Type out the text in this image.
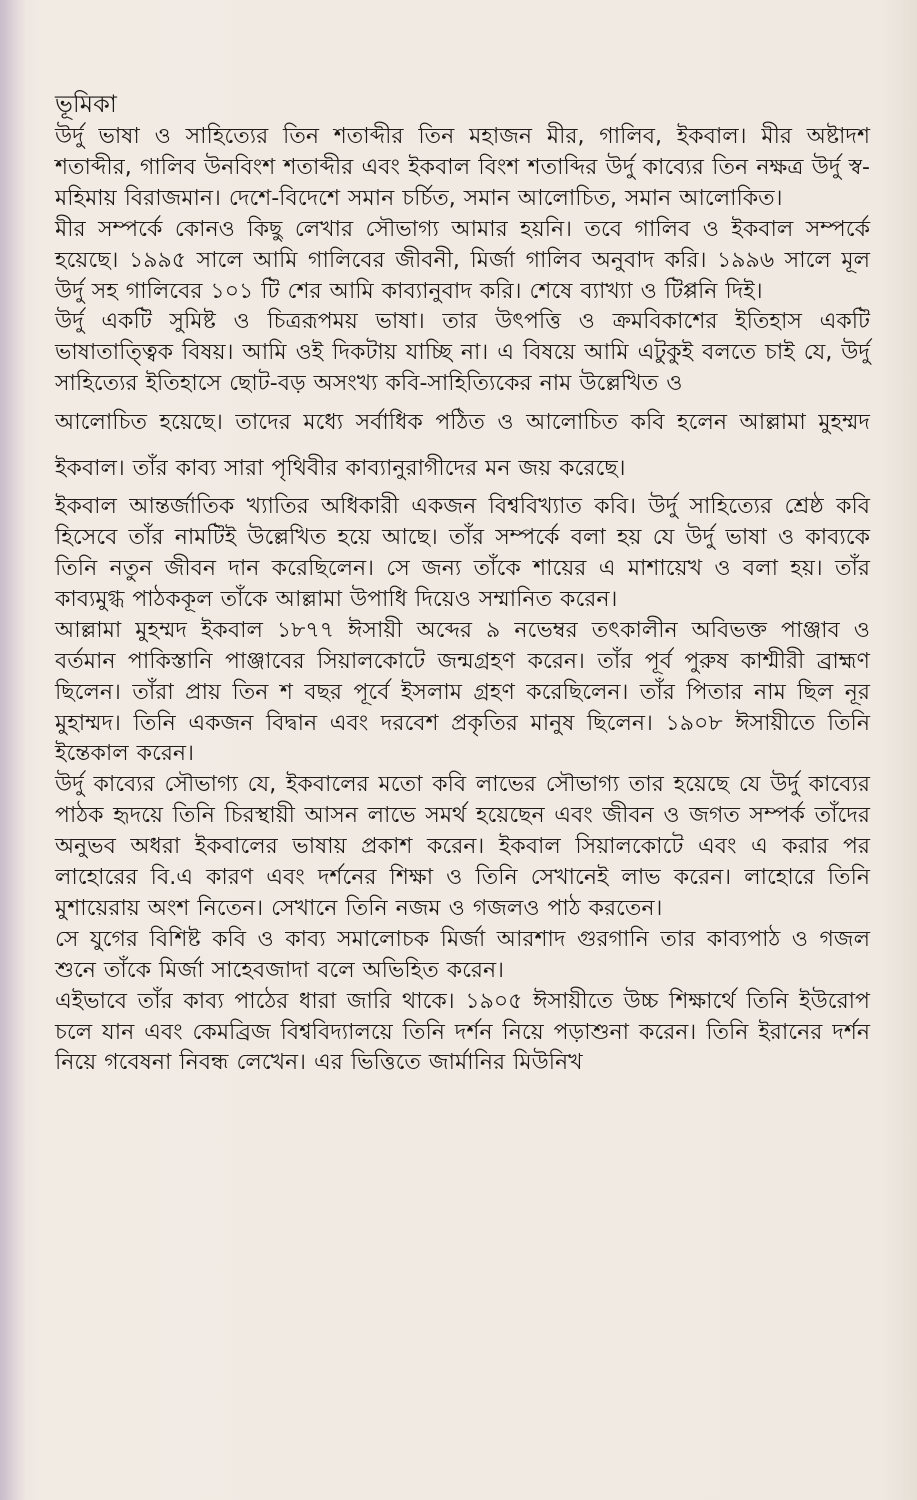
ভূমিকা

উর্দু ভাষা ও সাহিত্যের তিন শতাব্দীর তিন মহাজন মীর, গালিব, ইকবাল। মীর অষ্টাদশ শতাব্দীর, গালিব উনবিংশ শতাব্দীর এবং ইকবাল বিংশ শতাব্দির উর্দু কাব্যের তিন নক্ষত্র উর্দু স্ব-মহিমায় বিরাজমান। দেশে-বিদেশে সমান চর্চিত, সমান আলোচিত, সমান আলোকিত।

মীর সম্পর্কে কোনও কিছু লেখার সৌভাগ্য আমার হয়নি। তবে গালিব ও ইকবাল সম্পর্কে হয়েছে। ১৯৯৫ সালে আমি গালিবের জীবনী, মির্জা গালিব অনুবাদ করি। ১৯৯৬ সালে মূল উর্দু সহ গালিবের ১০১ টি শের আমি কাব্যানুবাদ করি। শেষে ব্যাখ্যা ও টিপ্পনি দিই।

উর্দু একটি সুমিষ্ট ও চিত্ররূপময় ভাষা। তার উৎপত্তি ও ক্রমবিকাশের ইতিহাস একটি ভাষাতাত্ত্বিক বিষয়। আমি ওই দিকটায় যাচ্ছি না। এ বিষয়ে আমি এটুকুই বলতে চাই যে, উর্দু সাহিত্যের ইতিহাসে ছোট-বড় অসংখ্য কবি-সাহিত্যিকের নাম উল্লেখিত ও

আলোচিত হয়েছে। তাদের মধ্যে সর্বাধিক পঠিত ও আলোচিত কবি হলেন আল্লামা মুহম্মদ ইকবাল। তাঁর কাব্য সারা পৃথিবীর কাব্যানুরাগীদের মন জয় করেছে।

ইকবাল আন্তর্জাতিক খ্যাতির অধিকারী একজন বিশ্ববিখ্যাত কবি। উর্দু সাহিত্যের শ্রেষ্ঠ কবি হিসেবে তাঁর নামটিই উল্লেখিত হয়ে আছে। তাঁর সম্পর্কে বলা হয় যে উর্দু ভাষা ও কাব্যকে তিনি নতুন জীবন দান করেছিলেন। সে জন্য তাঁকে শায়ের এ মাশায়েখ ও বলা হয়। তাঁর কাব্যমুগ্ধ পাঠককূল তাঁকে আল্লামা উপাধি দিয়েও সম্মানিত করেন।

আল্লামা মুহম্মদ ইকবাল ১৮৭৭ ঈসায়ী অব্দের ৯ নভেম্বর তৎকালীন অবিভক্ত পাঞ্জাব ও বর্তমান পাকিস্তানি পাঞ্জাবের সিয়ালকোটে জন্মগ্রহণ করেন। তাঁর পূর্ব পুরুষ কাশ্মীরী ব্রাহ্মণ ছিলেন। তাঁরা প্রায় তিন শ বছর পূর্বে ইসলাম গ্রহণ করেছিলেন। তাঁর পিতার নাম ছিল নূর মুহাম্মদ। তিনি একজন বিদ্বান এবং দরবেশ প্রকৃতির মানুষ ছিলেন। ১৯০৮ ঈসায়ীতে তিনি ইন্তেকাল করেন।

উর্দু কাব্যের সৌভাগ্য যে, ইকবালের মতো কবি লাভের সৌভাগ্য তার হয়েছে যে উর্দু কাব্যের পাঠক হৃদয়ে তিনি চিরস্থায়ী আসন লাভে সমর্থ হয়েছেন এবং জীবন ও জগত সম্পর্ক তাঁদের অনুভব অধরা ইকবালের ভাষায় প্রকাশ করেন। ইকবাল সিয়ালকোটে এবং এ করার পর লাহোরের বি.এ কারণ এবং দর্শনের শিক্ষা ও তিনি সেখানেই লাভ করেন। লাহোরে তিনি মুশায়েরায় অংশ নিতেন। সেখানে তিনি নজম ও গজলও পাঠ করতেন।

সে যুগের বিশিষ্ট কবি ও কাব্য সমালোচক মির্জা আরশাদ গুরগানি তার কাব্যপাঠ ও গজল শুনে তাঁকে মির্জা সাহেবজাদা বলে অভিহিত করেন।

এইভাবে তাঁর কাব্য পাঠের ধারা জারি থাকে। ১৯০৫ ঈসায়ীতে উচ্চ শিক্ষার্থে তিনি ইউরোপ চলে যান এবং কেমব্রিজ বিশ্ববিদ্যালয়ে তিনি দর্শন নিয়ে পড়াশুনা করেন। তিনি ইরানের দর্শন নিয়ে গবেষনা নিবন্ধ লেখেন। এর ভিত্তিতে জার্মানির মিউনিখ
